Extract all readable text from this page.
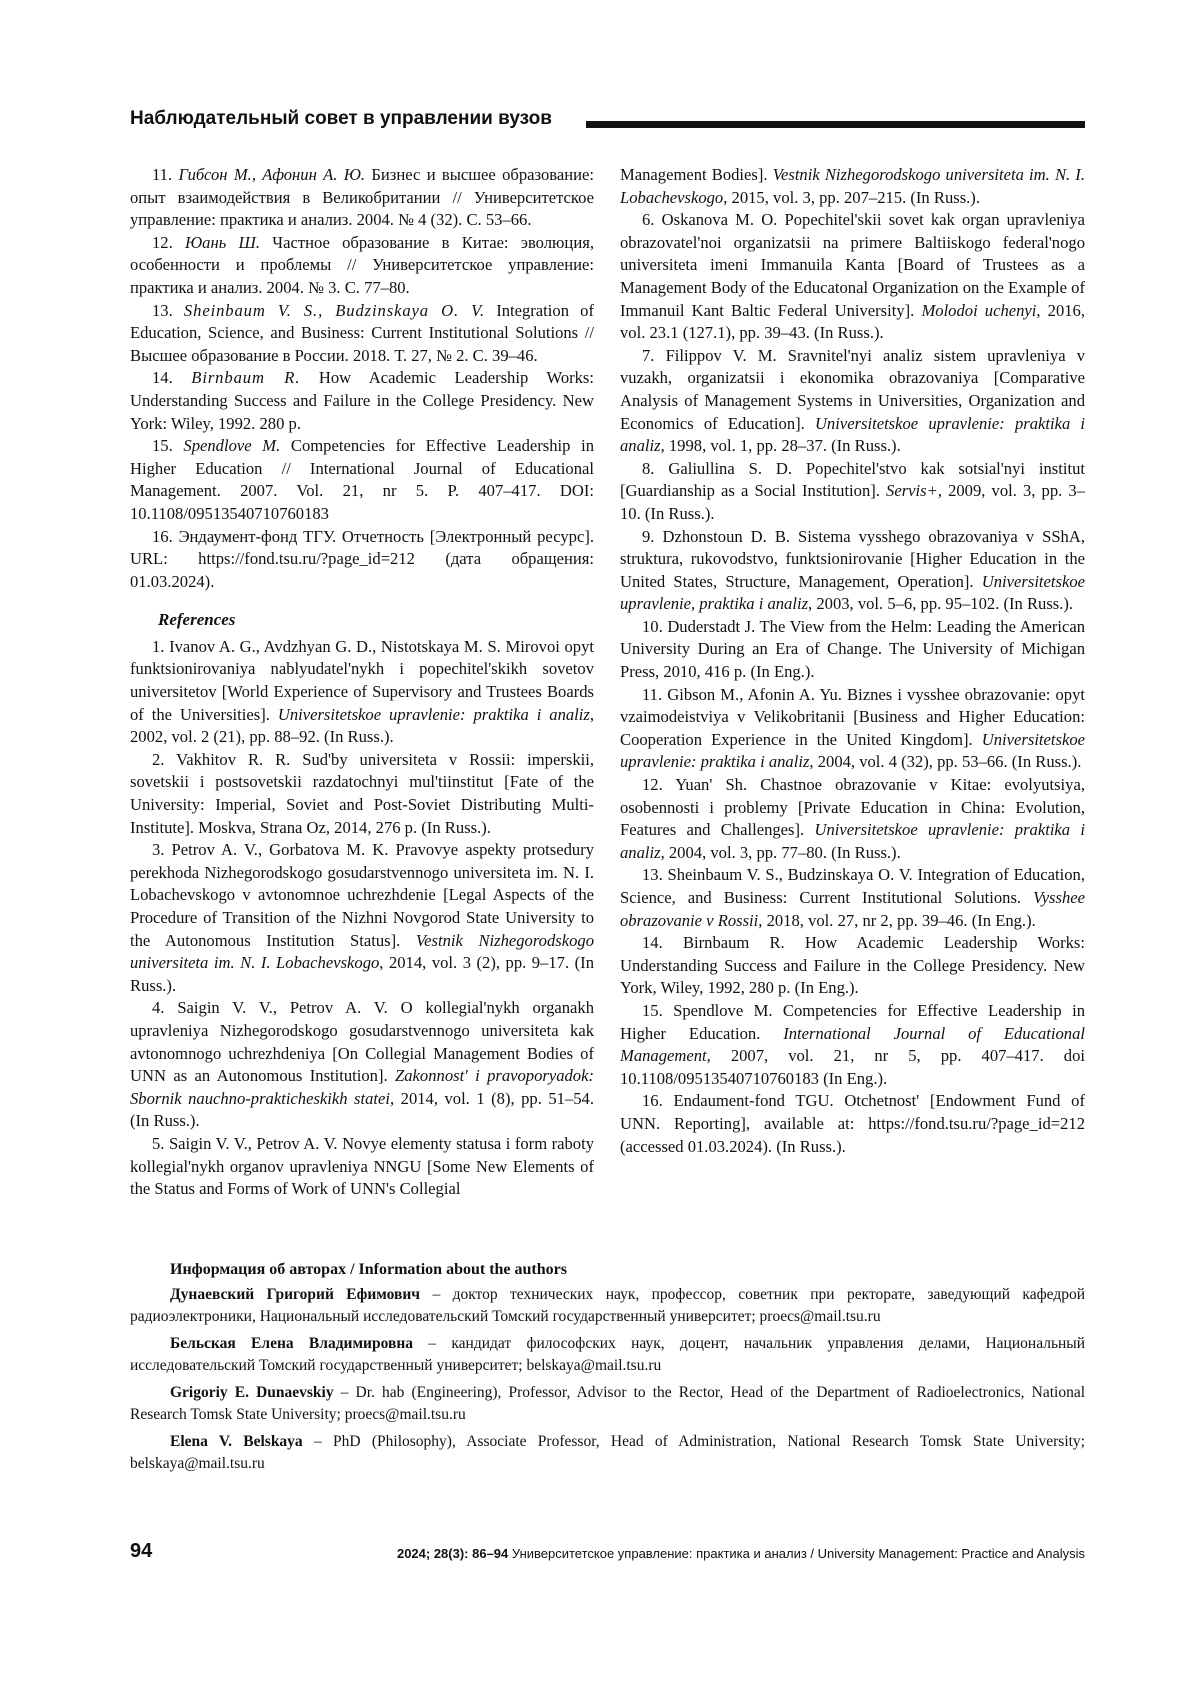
Наблюдательный совет в управлении вузов

11. Гибсон М., Афонин А. Ю. Бизнес и высшее образование: опыт взаимодействия в Великобритании // Университетское управление: практика и анализ. 2004. № 4 (32). С. 53–66.

12. Юань Ш. Частное образование в Китае: эволюция, особенности и проблемы // Университетское управление: практика и анализ. 2004. № 3. С. 77–80.

13. Sheinbaum V. S., Budzinskaya O. V. Integration of Education, Science, and Business: Current Institutional Solutions // Высшее образование в России. 2018. Т. 27, № 2. С. 39–46.

14. Birnbaum R. How Academic Leadership Works: Understanding Success and Failure in the College Presidency. New York: Wiley, 1992. 280 p.

15. Spendlove M. Competencies for Effective Leadership in Higher Education // International Journal of Educational Management. 2007. Vol. 21, nr 5. P. 407–417. DOI: 10.1108/09513540710760183

16. Эндаумент-фонд ТГУ. Отчетность [Электронный ресурс]. URL: https://fond.tsu.ru/?page_id=212 (дата обращения: 01.03.2024).

References

1. Ivanov A. G., Avdzhyan G. D., Nistotskaya M. S. Mirovoi opyt funktsionirovaniya nablyudatel'nykh i popechitel'skikh sovetov universitetov [World Experience of Supervisory and Trustees Boards of the Universities]. Universitetskoe upravlenie: praktika i analiz, 2002, vol. 2 (21), pp. 88–92. (In Russ.).

2. Vakhitov R. R. Sud'by universiteta v Rossii: imperskii, sovetskii i postsovetskii razdatochnyi mul'tiinstitut [Fate of the University: Imperial, Soviet and Post-Soviet Distributing Multi-Institute]. Moskva, Strana Oz, 2014, 276 p. (In Russ.).

3. Petrov A. V., Gorbatova M. K. Pravovye aspekty protsedury perekhoda Nizhegorodskogo gosudarstvennogo universiteta im. N. I. Lobachevskogo v avtonomnoe uchrezhdenie [Legal Aspects of the Procedure of Transition of the Nizhni Novgorod State University to the Autonomous Institution Status]. Vestnik Nizhegorodskogo universiteta im. N. I. Lobachevskogo, 2014, vol. 3 (2), pp. 9–17. (In Russ.).

4. Saigin V. V., Petrov A. V. O kollegial'nykh organakh upravleniya Nizhegorodskogo gosudarstvennogo universiteta kak avtonomnogo uchrezhdeniya [On Collegial Management Bodies of UNN as an Autonomous Institution]. Zakonnost' i pravoporyadok: Sbornik nauchno-prakticheskikh statei, 2014, vol. 1 (8), pp. 51–54. (In Russ.).

5. Saigin V. V., Petrov A. V. Novye elementy statusa i form raboty kollegial'nykh organov upravleniya NNGU [Some New Elements of the Status and Forms of Work of UNN's Collegial

Management Bodies]. Vestnik Nizhegorodskogo universiteta im. N. I. Lobachevskogo, 2015, vol. 3, pp. 207–215. (In Russ.).

6. Oskanova M. O. Popechitel'skii sovet kak organ upravleniya obrazovatel'noi organizatsii na primere Baltiiskogo federal'nogo universiteta imeni Immanuila Kanta [Board of Trustees as a Management Body of the Educatonal Organization on the Example of Immanuil Kant Baltic Federal University]. Molodoi uchenyi, 2016, vol. 23.1 (127.1), pp. 39–43. (In Russ.).

7. Filippov V. M. Sravnitel'nyi analiz sistem upravleniya v vuzakh, organizatsii i ekonomika obrazovaniya [Comparative Analysis of Management Systems in Universities, Organization and Economics of Education]. Universitetskoe upravlenie: praktika i analiz, 1998, vol. 1, pp. 28–37. (In Russ.).

8. Galiullina S. D. Popechitel'stvo kak sotsial'nyi institut [Guardianship as a Social Institution]. Servis+, 2009, vol. 3, pp. 3–10. (In Russ.).

9. Dzhonstoun D. B. Sistema vysshego obrazovaniya v SShA, struktura, rukovodstvo, funktsionirovanie [Higher Education in the United States, Structure, Management, Operation]. Universitetskoe upravlenie, praktika i analiz, 2003, vol. 5–6, pp. 95–102. (In Russ.).

10. Duderstadt J. The View from the Helm: Leading the American University During an Era of Change. The University of Michigan Press, 2010, 416 p. (In Eng.).

11. Gibson M., Afonin A. Yu. Biznes i vysshee obrazovanie: opyt vzaimodeistviya v Velikobritanii [Business and Higher Education: Cooperation Experience in the United Kingdom]. Universitetskoe upravlenie: praktika i analiz, 2004, vol. 4 (32), pp. 53–66. (In Russ.).

12. Yuan' Sh. Chastnoe obrazovanie v Kitae: evolyutsiya, osobennosti i problemy [Private Education in China: Evolution, Features and Challenges]. Universitetskoe upravlenie: praktika i analiz, 2004, vol. 3, pp. 77–80. (In Russ.).

13. Sheinbaum V. S., Budzinskaya O. V. Integration of Education, Science, and Business: Current Institutional Solutions. Vysshee obrazovanie v Rossii, 2018, vol. 27, nr 2, pp. 39–46. (In Eng.).

14. Birnbaum R. How Academic Leadership Works: Understanding Success and Failure in the College Presidency. New York, Wiley, 1992, 280 p. (In Eng.).

15. Spendlove M. Competencies for Effective Leadership in Higher Education. International Journal of Educational Management, 2007, vol. 21, nr 5, pp. 407–417. doi 10.1108/09513540710760183 (In Eng.).

16. Endaument-fond TGU. Otchetnost' [Endowment Fund of UNN. Reporting], available at: https://fond.tsu.ru/?page_id=212 (accessed 01.03.2024). (In Russ.).

Информация об авторах / Information about the authors

Дунаевский Григорий Ефимович – доктор технических наук, профессор, советник при ректорате, заведующий кафедрой радиоэлектроники, Национальный исследовательский Томский государственный университет; proecs@mail.tsu.ru

Бельская Елена Владимировна – кандидат философских наук, доцент, начальник управления делами, Национальный исследовательский Томский государственный университет; belskaya@mail.tsu.ru

Grigoriy E. Dunaevskiy – Dr. hab (Engineering), Professor, Advisor to the Rector, Head of the Department of Radioelectronics, National Research Tomsk State University; proecs@mail.tsu.ru

Elena V. Belskaya – PhD (Philosophy), Associate Professor, Head of Administration, National Research Tomsk State University; belskaya@mail.tsu.ru

94	2024; 28(3): 86–94 Университетское управление: практика и анализ / University Management: Practice and Analysis
